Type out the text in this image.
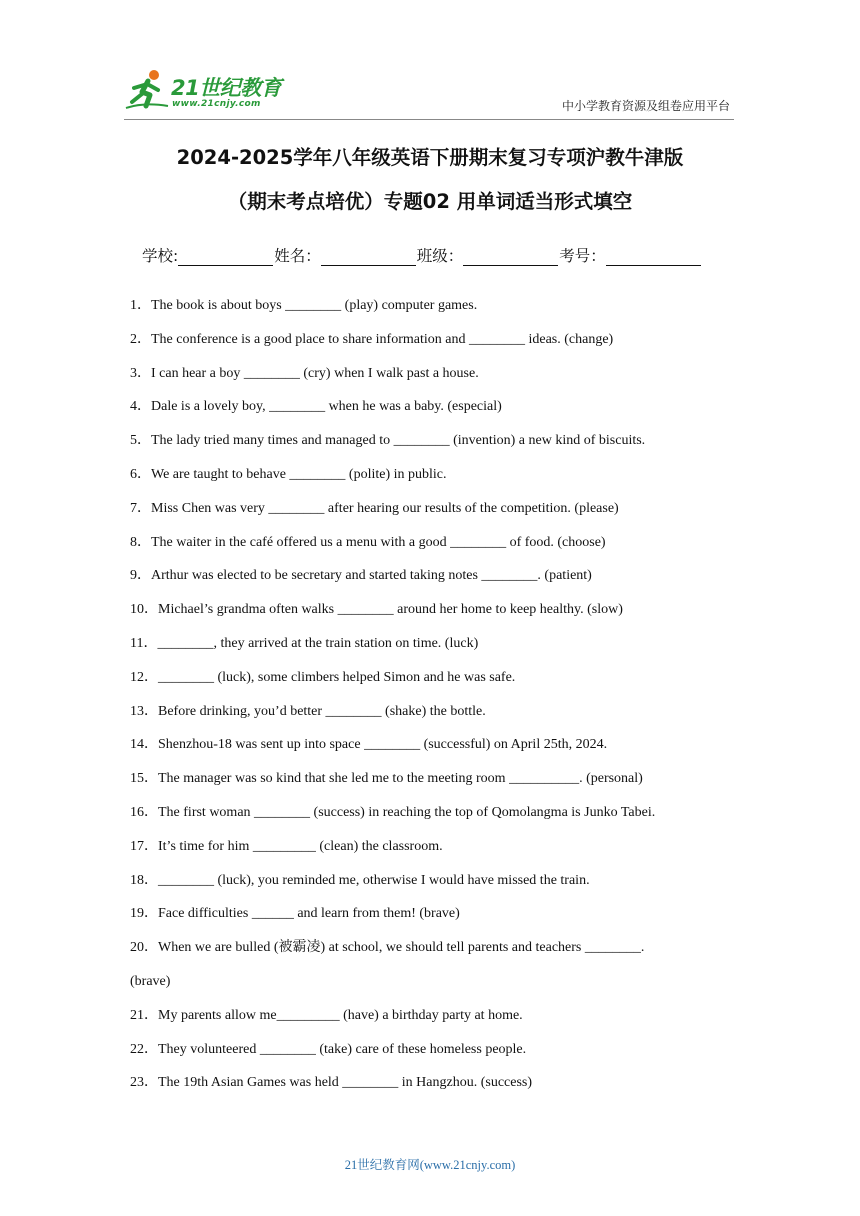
21世纪教育
www.21cnjy.com	中小学教育资源及组卷应用平台
2024-2025学年八年级英语下册期末复习专项沪教牛津版
（期末考点培优）专题02 用单词适当形式填空
学校:	姓名：	班级：	考号：
1．The book is about boys ________ (play) computer games.
2．The conference is a good place to share information and ________ ideas. (change)
3．I can hear a boy ________ (cry) when I walk past a house.
4．Dale is a lovely boy, ________ when he was a baby. (especial)
5．The lady tried many times and managed to ________ (invention) a new kind of biscuits.
6．We are taught to behave ________ (polite) in public.
7．Miss Chen was very ________ after hearing our results of the competition. (please)
8．The waiter in the café offered us a menu with a good ________ of food. (choose)
9．Arthur was elected to be secretary and started taking notes ________. (patient)
10．Michael’s grandma often walks ________ around her home to keep healthy. (slow)
11．________, they arrived at the train station on time. (luck)
12．________ (luck), some climbers helped Simon and he was safe.
13．Before drinking, you’d better ________ (shake) the bottle.
14．Shenzhou-18 was sent up into space ________ (successful) on April 25th, 2024.
15．The manager was so kind that she led me to the meeting room __________. (personal)
16．The first woman ________ (success) in reaching the top of Qomolangma is Junko Tabei.
17．It’s time for him _________ (clean) the classroom.
18．________ (luck), you reminded me, otherwise I would have missed the train.
19．Face difficulties ______ and learn from them! (brave)
20．When we are bulled (被霸凌) at school, we should tell parents and teachers ________.
(brave)
21．My parents allow me_________ (have) a birthday party at home.
22．They volunteered ________ (take) care of these homeless people.
23．The 19th Asian Games was held ________ in Hangzhou. (success)
21世纪教育网(www.21cnjy.com)
